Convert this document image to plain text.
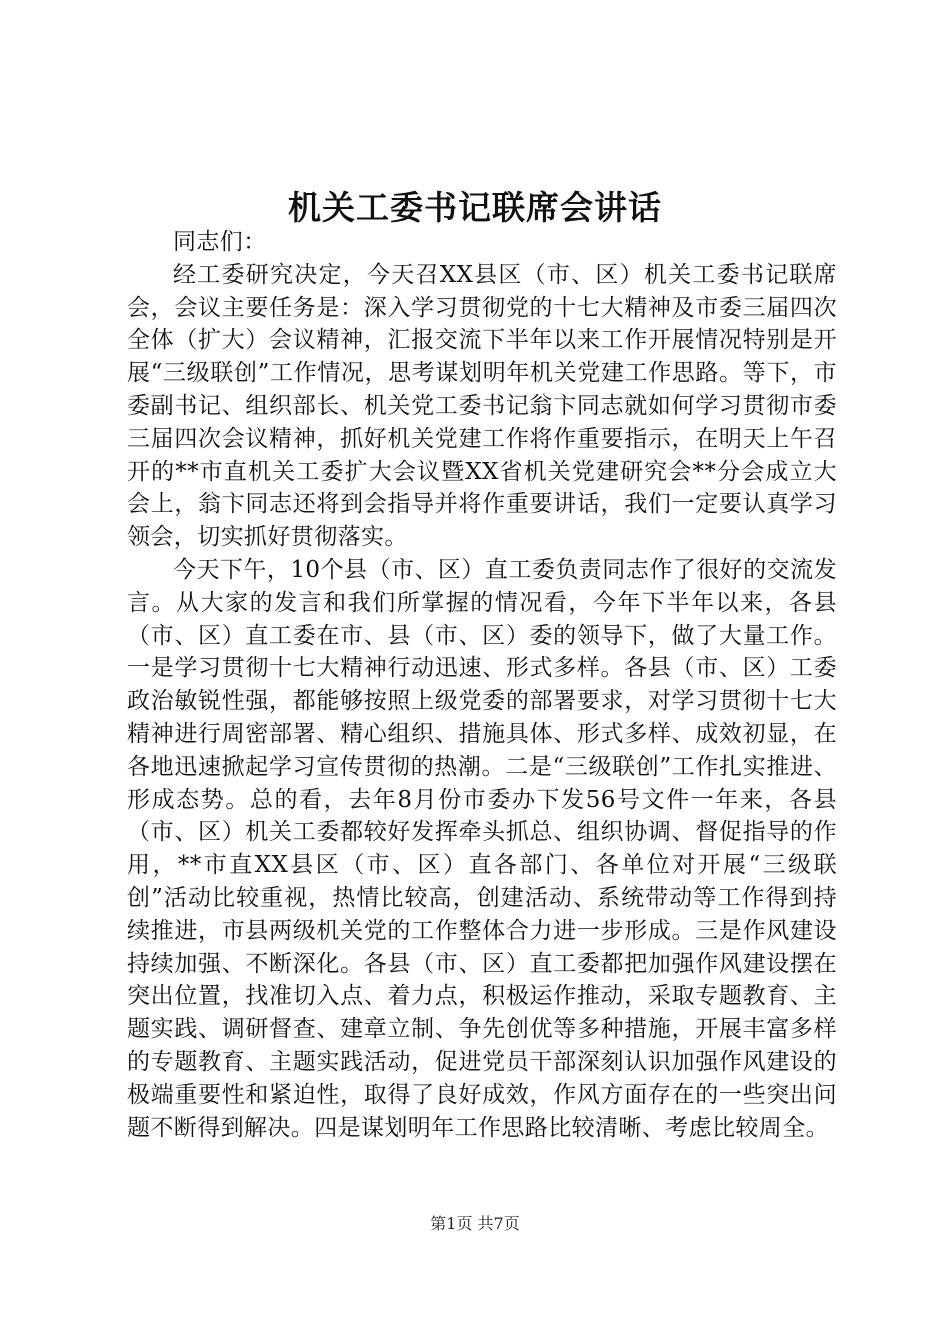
机关工委书记联席会讲话

同志们：

经工委研究决定，今天召XX县区（市、区）机关工委书记联席会，会议主要任务是：深入学习贯彻党的十七大精神及市委三届四次全体（扩大）会议精神，汇报交流下半年以来工作开展情况特别是开展“三级联创”工作情况，思考谋划明年机关党建工作思路。等下，市委副书记、组织部长、机关党工委书记翁卞同志就如何学习贯彻市委三届四次会议精神，抓好机关党建工作将作重要指示，在明天上午召开的**市直机关工委扩大会议暨XX省机关党建研究会**分会成立大会上，翁卞同志还将到会指导并将作重要讲话，我们一定要认真学习领会，切实抓好贯彻落实。

今天下午，10个县（市、区）直工委负责同志作了很好的交流发言。从大家的发言和我们所掌握的情况看，今年下半年以来，各县（市、区）直工委在市、县（市、区）委的领导下，做了大量工作。一是学习贯彻十七大精神行动迅速、形式多样。各县（市、区）工委政治敏锐性强，都能够按照上级党委的部署要求，对学习贯彻十七大精神进行周密部署、精心组织、措施具体、形式多样、成效初显，在各地迅速掀起学习宣传贯彻的热潮。二是“三级联创”工作扎实推进、形成态势。总的看，去年8月份市委办下发56号文件一年来，各县（市、区）机关工委都较好发挥牵头抓总、组织协调、督促指导的作用，**市直XX县区（市、区）直各部门、各单位对开展“三级联创”活动比较重视，热情比较高，创建活动、系统带动等工作得到持续推进，市县两级机关党的工作整体合力进一步形成。三是作风建设持续加强、不断深化。各县（市、区）直工委都把加强作风建设摆在突出位置，找准切入点、着力点，积极运作推动，采取专题教育、主题实践、调研督查、建章立制、争先创优等多种措施，开展丰富多样的专题教育、主题实践活动，促进党员干部深刻认识加强作风建设的极端重要性和紧迫性，取得了良好成效，作风方面存在的一些突出问题不断得到解决。四是谋划明年工作思路比较清晰、考虑比较周全。

第1页 共7页
